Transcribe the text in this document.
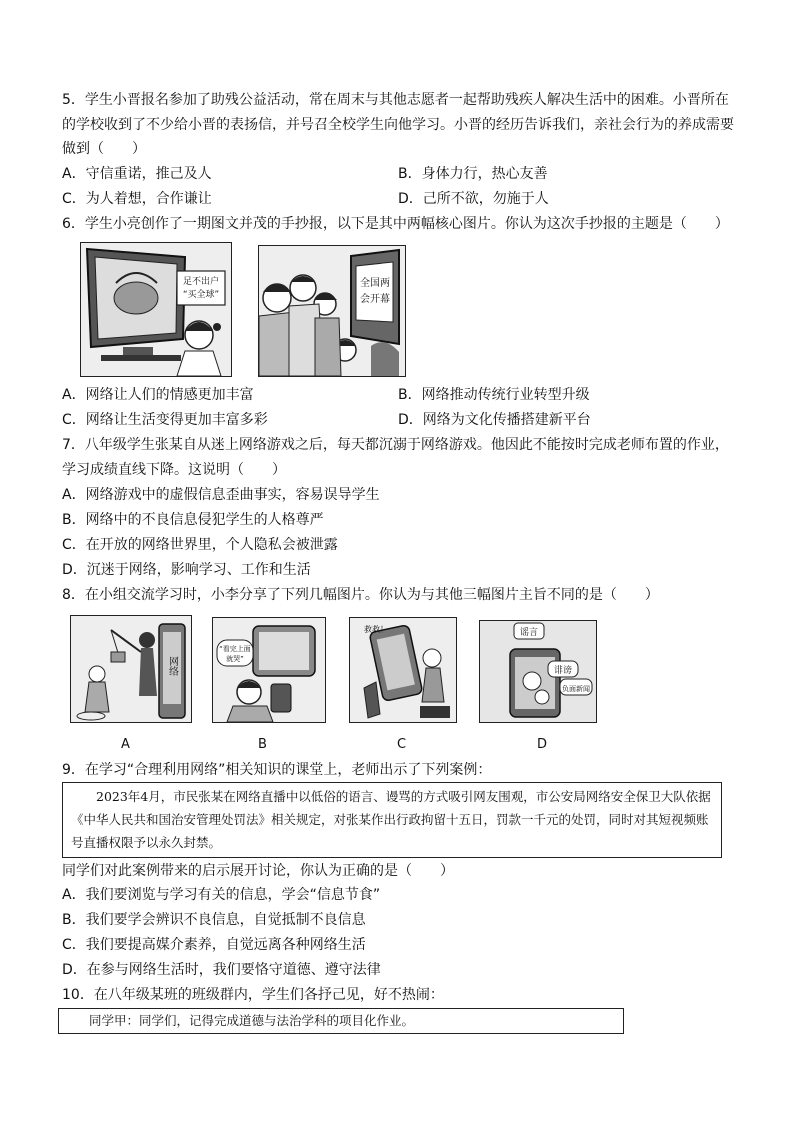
5．学生小晋报名参加了助残公益活动，常在周末与其他志愿者一起帮助残疾人解决生活中的困难。小晋所在
的学校收到了不少给小晋的表扬信，并号召全校学生向他学习。小晋的经历告诉我们，亲社会行为的养成需要
做到（　　）
A．守信重诺，推己及人	B．身体力行，热心友善
C．为人着想，合作谦让	D．己所不欲，勿施于人
6．学生小亮创作了一期图文并茂的手抄报，以下是其中两幅核心图片。你认为这次手抄报的主题是（　　）
足不出户
“买全球”
全国两
会开幕
A．网络让人们的情感更加丰富	B．网络推动传统行业转型升级
C．网络让生活变得更加丰富多彩	D．网络为文化传播搭建新平台
7．八年级学生张某自从迷上网络游戏之后，每天都沉溺于网络游戏。他因此不能按时完成老师布置的作业，
学习成绩直线下降。这说明（　　）
A．网络游戏中的虚假信息歪曲事实，容易误导学生
B．网络中的不良信息侵犯学生的人格尊严
C．在开放的网络世界里，个人隐私会被泄露
D．沉迷于网络，影响学习、工作和生活
8．在小组交流学习时，小李分享了下列几幅图片。你认为与其他三幅图片主旨不同的是（　　）
网络
“看完上面
就哭”
救救！	谣言
诽谤
负面新闻
A	B	C	D
9．在学习“合理利用网络”相关知识的课堂上，老师出示了下列案例：

2023年4月，市民张某在网络直播中以低俗的语言、谩骂的方式吸引网友围观，市公安局网络安全保卫大队依据《中华人民共和国治安管理处罚法》相关规定，对张某作出行政拘留十五日，罚款一千元的处罚，同时对其短视频账号直播权限予以永久封禁。

同学们对此案例带来的启示展开讨论，你认为正确的是（　　）
A．我们要浏览与学习有关的信息，学会“信息节食”
B．我们要学会辨识不良信息，自觉抵制不良信息
C．我们要提高媒介素养，自觉远离各种网络生活
D．在参与网络生活时，我们要恪守道德、遵守法律
10．在八年级某班的班级群内，学生们各抒己见，好不热闹：
同学甲：同学们，记得完成道德与法治学科的项目化作业。
